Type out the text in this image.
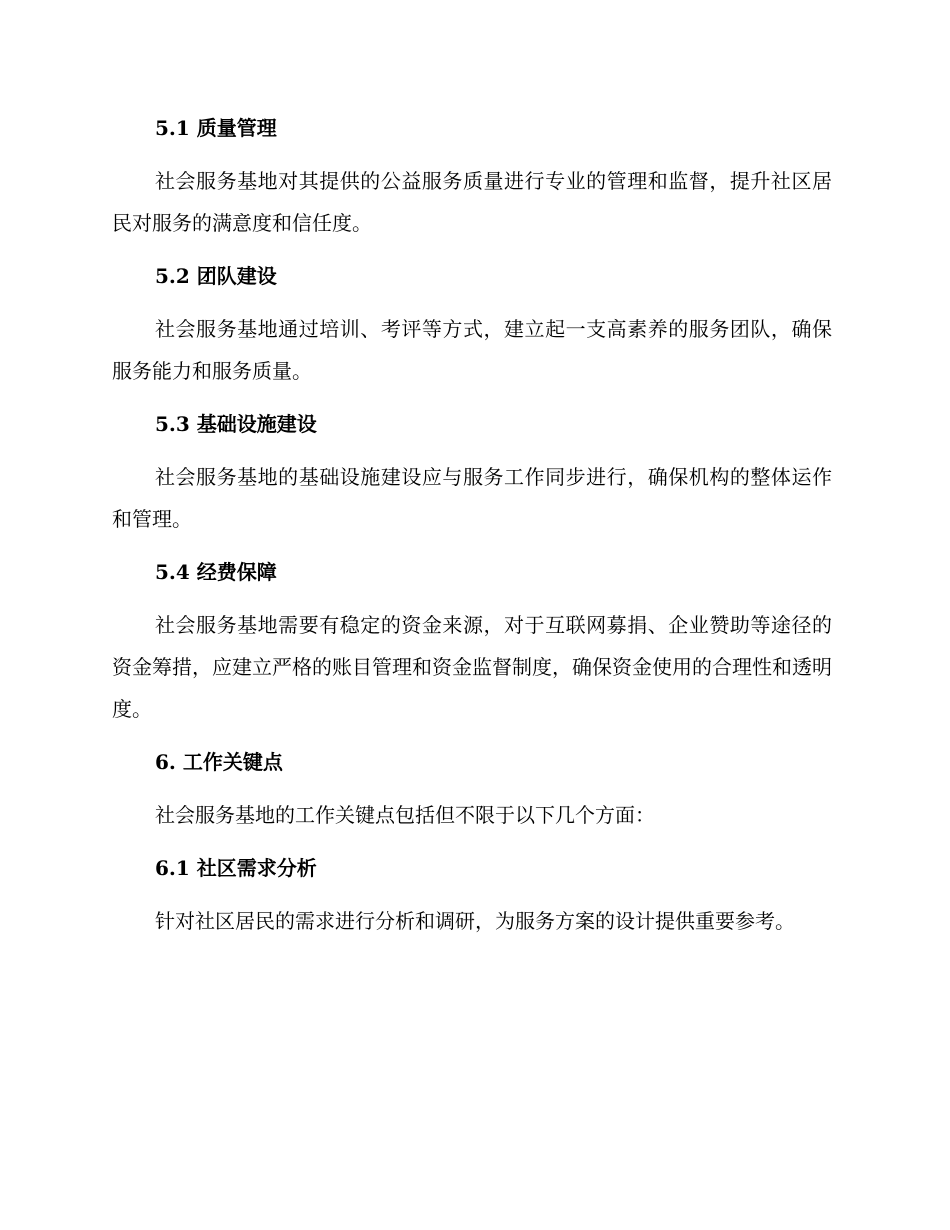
5.1 质量管理

社会服务基地对其提供的公益服务质量进行专业的管理和监督，提升社区居民对服务的满意度和信任度。

5.2 团队建设

社会服务基地通过培训、考评等方式，建立起一支高素养的服务团队，确保服务能力和服务质量。

5.3 基础设施建设

社会服务基地的基础设施建设应与服务工作同步进行，确保机构的整体运作和管理。

5.4 经费保障

社会服务基地需要有稳定的资金来源，对于互联网募捐、企业赞助等途径的资金筹措，应建立严格的账目管理和资金监督制度，确保资金使用的合理性和透明度。

6. 工作关键点

社会服务基地的工作关键点包括但不限于以下几个方面：

6.1 社区需求分析

针对社区居民的需求进行分析和调研，为服务方案的设计提供重要参考。
